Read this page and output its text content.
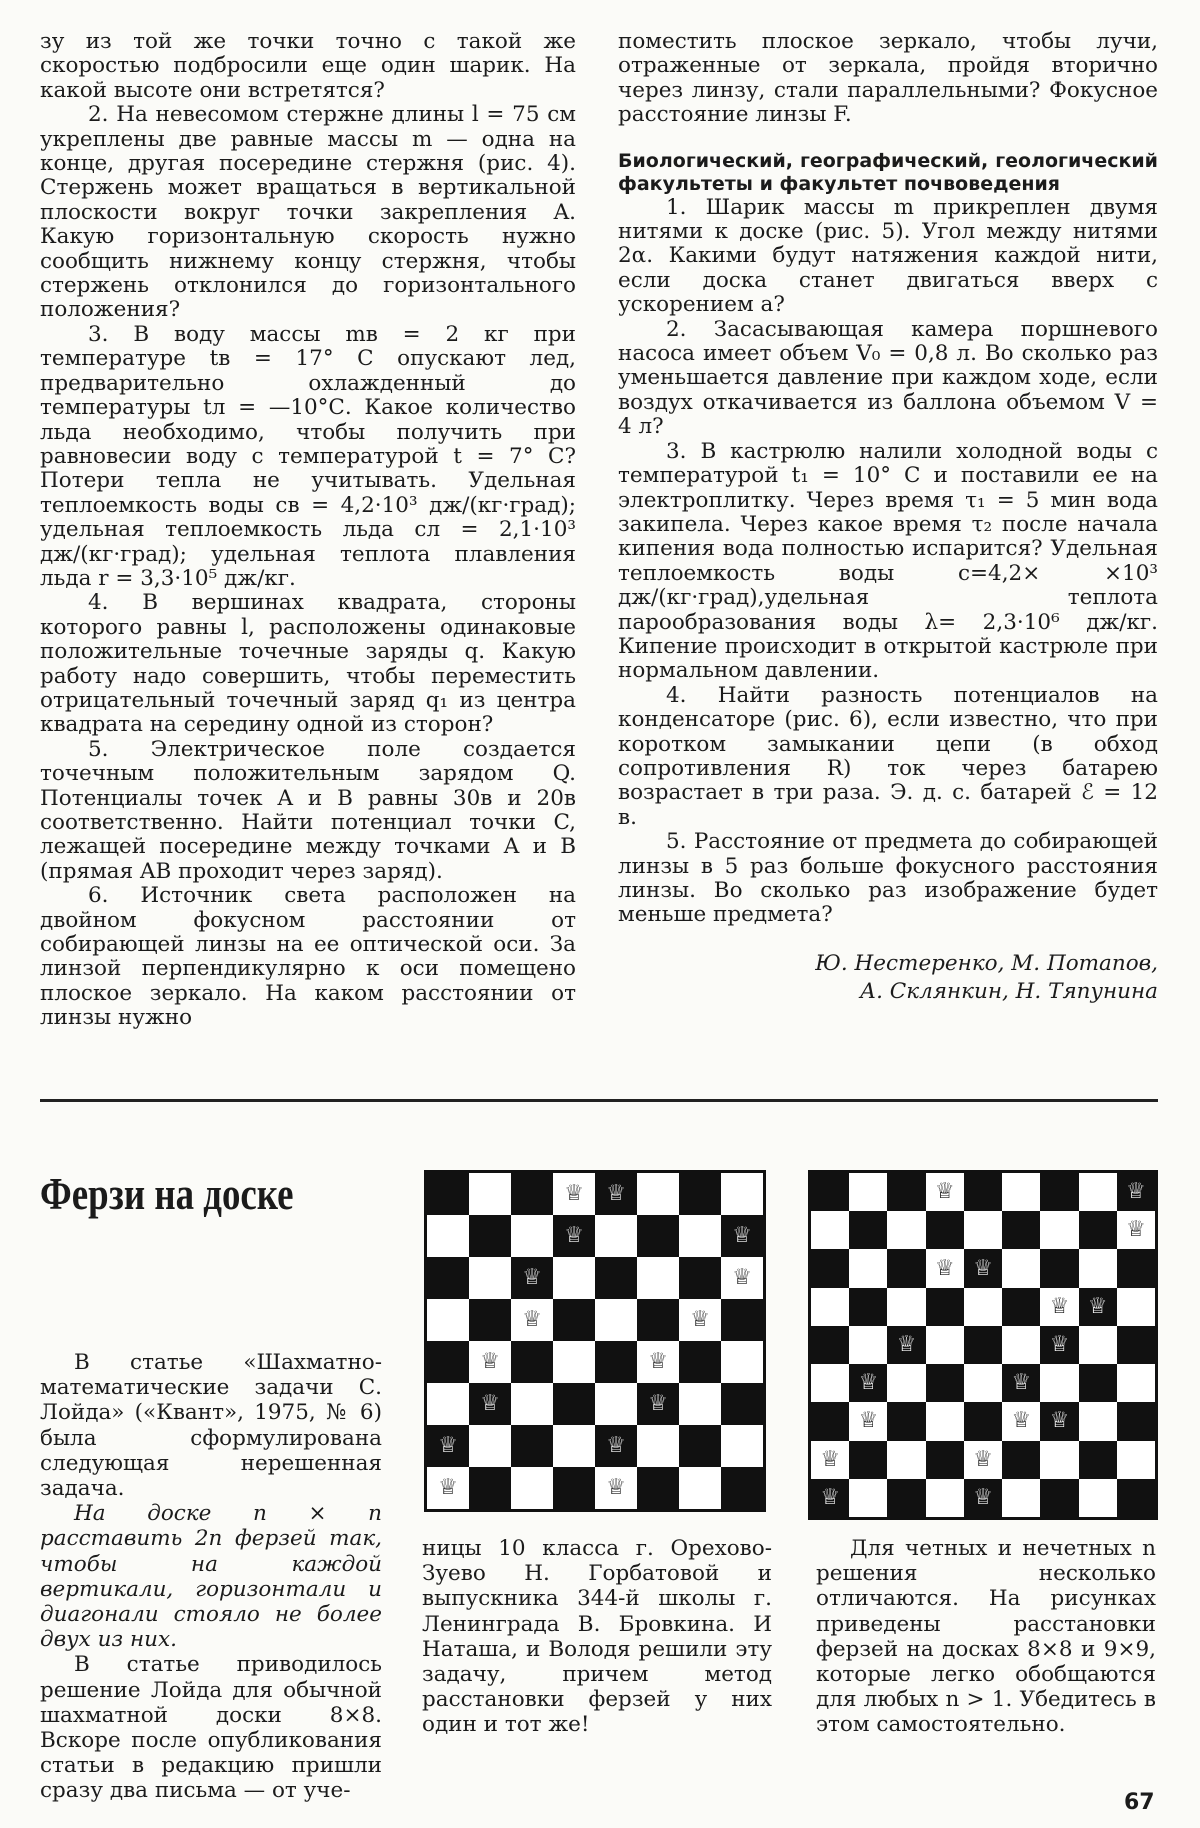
зу из той же точки точно с такой же скоростью подбросили еще один шарик. На какой высоте они встретятся?

2. На невесомом стержне длины l = 75 см укреплены две равные массы m — одна на конце, другая посередине стержня (рис. 4). Стержень может вращаться в вертикальной плоскости вокруг точки закрепления A. Какую горизонтальную скорость нужно сообщить нижнему концу стержня, чтобы стержень отклонился до горизонтального положения?

3. В воду массы mв = 2 кг при температуре tв = 17° С опускают лед, предварительно охлажденный до температуры tл = —10°С. Какое количество льда необходимо, чтобы получить при равновесии воду с температурой t = 7° С? Потери тепла не учитывать. Удельная теплоемкость воды cв = 4,2·10³ дж/(кг·град); удельная теплоемкость льда cл = 2,1·10³ дж/(кг·град); удельная теплота плавления льда r = 3,3·10⁵ дж/кг.

4. В вершинах квадрата, стороны которого равны l, расположены одинаковые положительные точечные заряды q. Какую работу надо совершить, чтобы переместить отрицательный точечный заряд q₁ из центра квадрата на середину одной из сторон?

5. Электрическое поле создается точечным положительным зарядом Q. Потенциалы точек A и B равны 30в и 20в соответственно. Найти потенциал точки C, лежащей посередине между точками A и B (прямая AB проходит через заряд).

6. Источник света расположен на двойном фокусном расстоянии от собирающей линзы на ее оптической оси. За линзой перпендикулярно к оси помещено плоское зеркало. На каком расстоянии от линзы нужно

поместить плоское зеркало, чтобы лучи, отраженные от зеркала, пройдя вторично через линзу, стали параллельными? Фокусное расстояние линзы F.

Биологический, географический, геологический факультеты и факультет почвоведения

1. Шарик массы m прикреплен двумя нитями к доске (рис. 5). Угол между нитями 2α. Какими будут натяжения каждой нити, если доска станет двигаться вверх с ускорением a?

2. Засасывающая камера поршневого насоса имеет объем V₀ = 0,8 л. Во сколько раз уменьшается давление при каждом ходе, если воздух откачивается из баллона объемом V = 4 л?

3. В кастрюлю налили холодной воды с температурой t₁ = 10° С и поставили ее на электроплитку. Через время τ₁ = 5 мин вода закипела. Через какое время τ₂ после начала кипения вода полностью испарится? Удельная теплоемкость воды c=4,2× ×10³ дж/(кг·град),удельная теплота парообразования воды λ= 2,3·10⁶ дж/кг. Кипение происходит в открытой кастрюле при нормальном давлении.

4. Найти разность потенциалов на конденсаторе (рис. 6), если известно, что при коротком замыкании цепи (в обход сопротивления R) ток через батарею возрастает в три раза. Э. д. с. батарей ℰ = 12 в.

5. Расстояние от предмета до собирающей линзы в 5 раз больше фокусного расстояния линзы. Во сколько раз изображение будет меньше предмета?

Ю. Нестеренко, М. Потапов,

А. Склянкин, Н. Тяпунина

Ферзи на доске

В статье «Шахматно-математические задачи С. Лойда» («Квант», 1975, № 6) была сформулирована следующая нерешенная задача.

На доске n × n расставить 2n ферзей так, чтобы на каждой вертикали, горизонтали и диагонали стояло не более двух из них.

В статье приводилось решение Лойда для обычной шахматной доски 8×8. Вскоре после опубликования статьи в редакцию пришли сразу два письма — от уче-

♕
♕	♕
♕	♕
♕
♕	♕
♕	♕
♕	♕
♕	♕
♕
♕
♕
♕
♕ ♕
♕
♕	♕
♕	♕
♕	♕
♕	♕
♕	♕
♕
♕
♕
ницы 10 класса г. Орехово-Зуево Н. Горбатовой и выпускника 344-й школы г. Ленинграда В. Бровкина. И Наташа, и Володя решили эту задачу, причем метод расстановки ферзей у них один и тот же!

Для четных и нечетных n решения несколько отличаются. На рисунках приведены расстановки ферзей на досках 8×8 и 9×9, которые легко обобщаются для любых n > 1. Убедитесь в этом самостоятельно.

67
